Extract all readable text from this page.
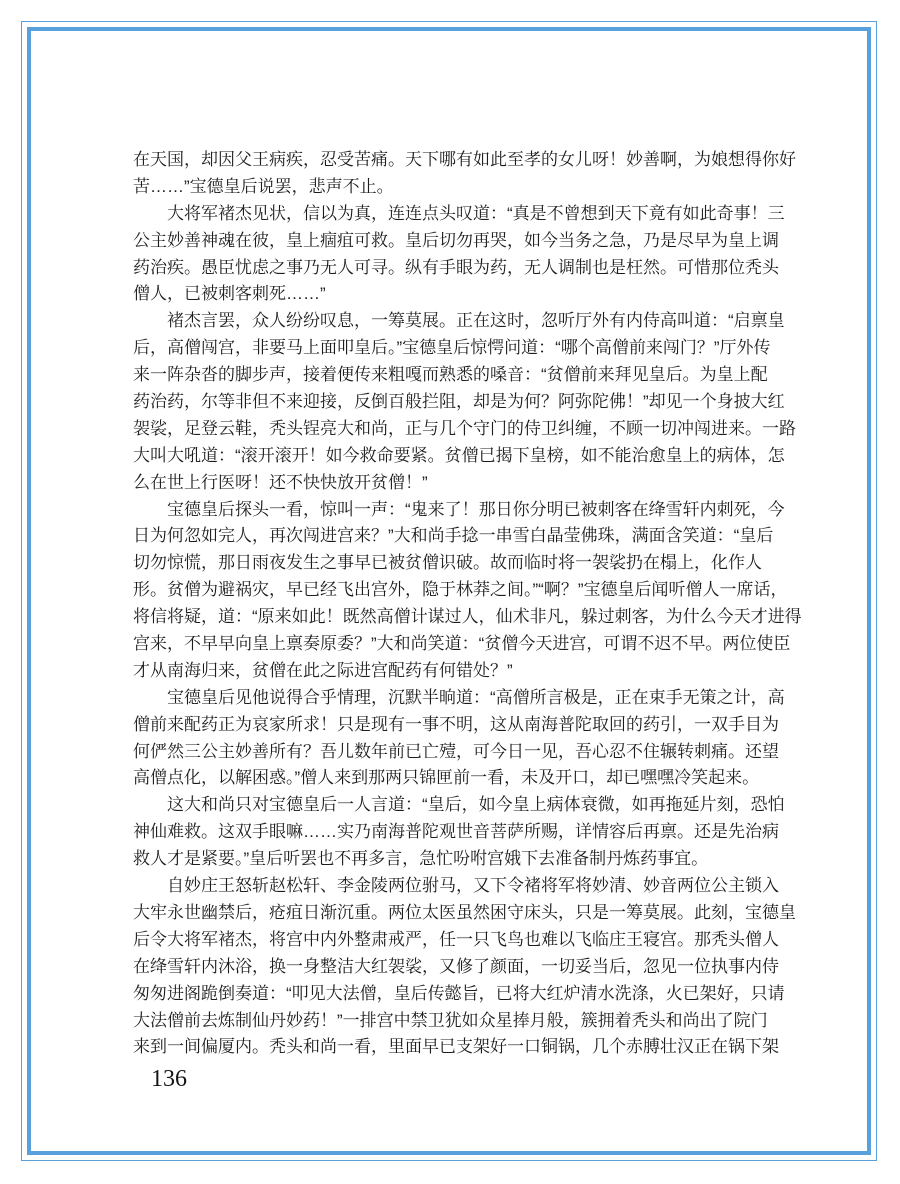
在天国，却因父王病疾，忍受苦痛。天下哪有如此至孝的女儿呀！妙善啊，为娘想得你好
苦……”宝德皇后说罢，悲声不止。
　　大将军褚杰见状，信以为真，连连点头叹道：“真是不曾想到天下竟有如此奇事！三
公主妙善神魂在彼，皇上痼疽可救。皇后切勿再哭，如今当务之急，乃是尽早为皇上调
药治疾。愚臣忧虑之事乃无人可寻。纵有手眼为药，无人调制也是枉然。可惜那位秃头
僧人，已被刺客刺死……”
　　褚杰言罢，众人纷纷叹息，一筹莫展。正在这时，忽听厅外有内侍高叫道：“启禀皇
后，高僧闯宫，非要马上面叩皇后。”宝德皇后惊愕问道：“哪个高僧前来闯门？”厅外传
来一阵杂沓的脚步声，接着便传来粗嘎而熟悉的嗓音：“贫僧前来拜见皇后。为皇上配
药治药，尔等非但不来迎接，反倒百般拦阻，却是为何？阿弥陀佛！”却见一个身披大红
袈裟，足登云鞋，秃头锃亮大和尚，正与几个守门的侍卫纠缠，不顾一切冲闯进来。一路
大叫大吼道：“滚开滚开！如今救命要紧。贫僧已揭下皇榜，如不能治愈皇上的病体，怎
么在世上行医呀！还不快快放开贫僧！”
　　宝德皇后探头一看，惊叫一声：“鬼来了！那日你分明已被刺客在绛雪轩内刺死，今
日为何忽如完人，再次闯进宫来？”大和尚手捻一串雪白晶莹佛珠，满面含笑道：“皇后
切勿惊慌，那日雨夜发生之事早已被贫僧识破。故而临时将一袈裟扔在榻上，化作人
形。贫僧为避祸灾，早已经飞出宫外，隐于林莽之间。”“啊？”宝德皇后闻听僧人一席话，
将信将疑，道：“原来如此！既然高僧计谋过人，仙术非凡，躲过刺客，为什么今天才进得
宫来，不早早向皇上禀奏原委？”大和尚笑道：“贫僧今天进宫，可谓不迟不早。两位使臣
才从南海归来，贫僧在此之际进宫配药有何错处？”
　　宝德皇后见他说得合乎情理，沉默半晌道：“高僧所言极是，正在束手无策之计，高
僧前来配药正为哀家所求！只是现有一事不明，这从南海普陀取回的药引，一双手目为
何俨然三公主妙善所有？吾儿数年前已亡殪，可今日一见，吾心忍不住辗转刺痛。还望
高僧点化，以解困惑。”僧人来到那两只锦匣前一看，未及开口，却已嘿嘿冷笑起来。
　　这大和尚只对宝德皇后一人言道：“皇后，如今皇上病体衰微，如再拖延片刻，恐怕
神仙难救。这双手眼嘛……实乃南海普陀观世音菩萨所赐，详情容后再禀。还是先治病
救人才是紧要。”皇后听罢也不再多言，急忙吩咐宫娥下去准备制丹炼药事宜。
　　自妙庄王怒斩赵松轩、李金陵两位驸马，又下令褚将军将妙清、妙音两位公主锁入
大牢永世幽禁后，疮疽日渐沉重。两位太医虽然困守床头，只是一筹莫展。此刻，宝德皇
后令大将军褚杰，将宫中内外整肃戒严，任一只飞鸟也难以飞临庄王寝宫。那秃头僧人
在绛雪轩内沐浴，换一身整洁大红袈裟，又修了颜面，一切妥当后，忽见一位执事内侍
匆匆进阁跪倒奏道：“叩见大法僧，皇后传懿旨，已将大红炉清水洗涤，火已架好，只请
大法僧前去炼制仙丹妙药！”一排宫中禁卫犹如众星捧月般，簇拥着秃头和尚出了院门
来到一间偏厦内。秃头和尚一看，里面早已支架好一口铜锅，几个赤膊壮汉正在锅下架
136
